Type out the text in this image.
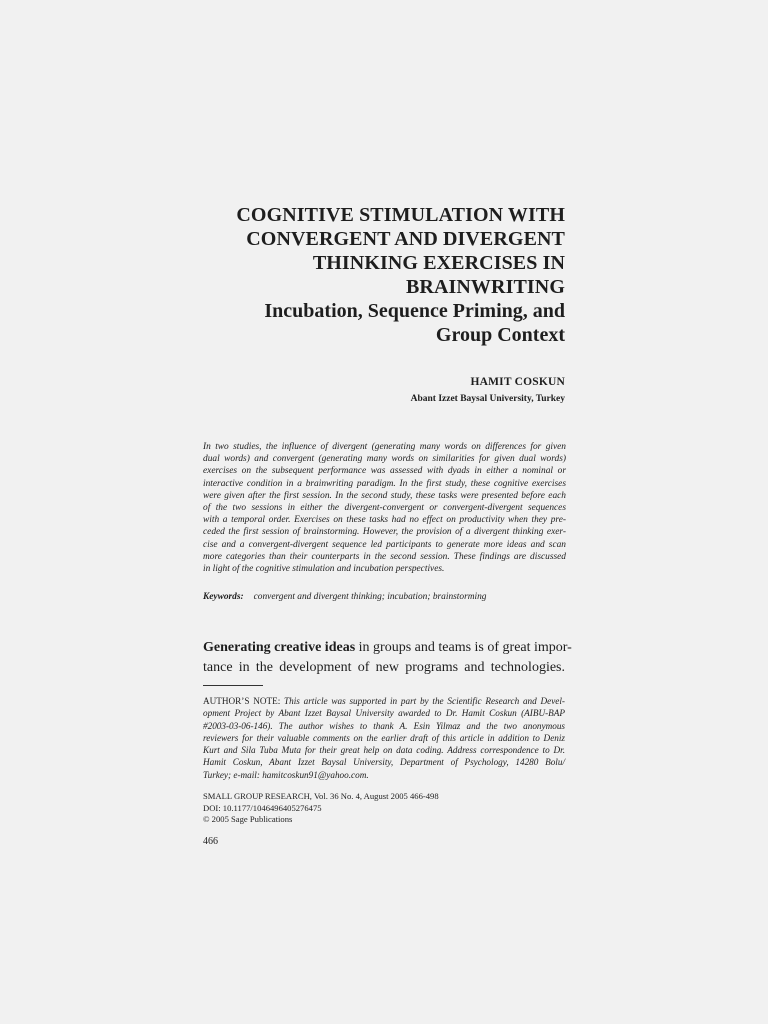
COGNITIVE STIMULATION WITH
CONVERGENT AND DIVERGENT
THINKING EXERCISES IN
BRAINWRITING
Incubation, Sequence Priming, and
Group Context
HAMIT COSKUN
Abant Izzet Baysal University, Turkey
In two studies, the influence of divergent (generating many words on differences for given
dual words) and convergent (generating many words on similarities for given dual words)
exercises on the subsequent performance was assessed with dyads in either a nominal or
interactive condition in a brainwriting paradigm. In the first study, these cognitive exercises
were given after the first session. In the second study, these tasks were presented before each
of the two sessions in either the divergent-convergent or convergent-divergent sequences
with a temporal order. Exercises on these tasks had no effect on productivity when they pre-
ceded the first session of brainstorming. However, the provision of a divergent thinking exer-
cise and a convergent-divergent sequence led participants to generate more ideas and scan
more categories than their counterparts in the second session. These findings are discussed
in light of the cognitive stimulation and incubation perspectives.
Keywords: convergent and divergent thinking; incubation; brainstorming
Generating creative ideas in groups and teams is of great impor-
tance in the development of new programs and technologies.
AUTHOR’S NOTE: This article was supported in part by the Scientific Research and Devel-
opment Project by Abant Izzet Baysal University awarded to Dr. Hamit Coskun (AIBU-BAP
#2003-03-06-146). The author wishes to thank A. Esin Yilmaz and the two anonymous
reviewers for their valuable comments on the earlier draft of this article in addition to Deniz
Kurt and Sila Tuba Muta for their great help on data coding. Address correspondence to Dr.
Hamit Coskun, Abant Izzet Baysal University, Department of Psychology, 14280 Bolu/
Turkey; e-mail: hamitcoskun91@yahoo.com.
SMALL GROUP RESEARCH, Vol. 36 No. 4, August 2005 466-498
DOI: 10.1177/1046496405276475
© 2005 Sage Publications
466
